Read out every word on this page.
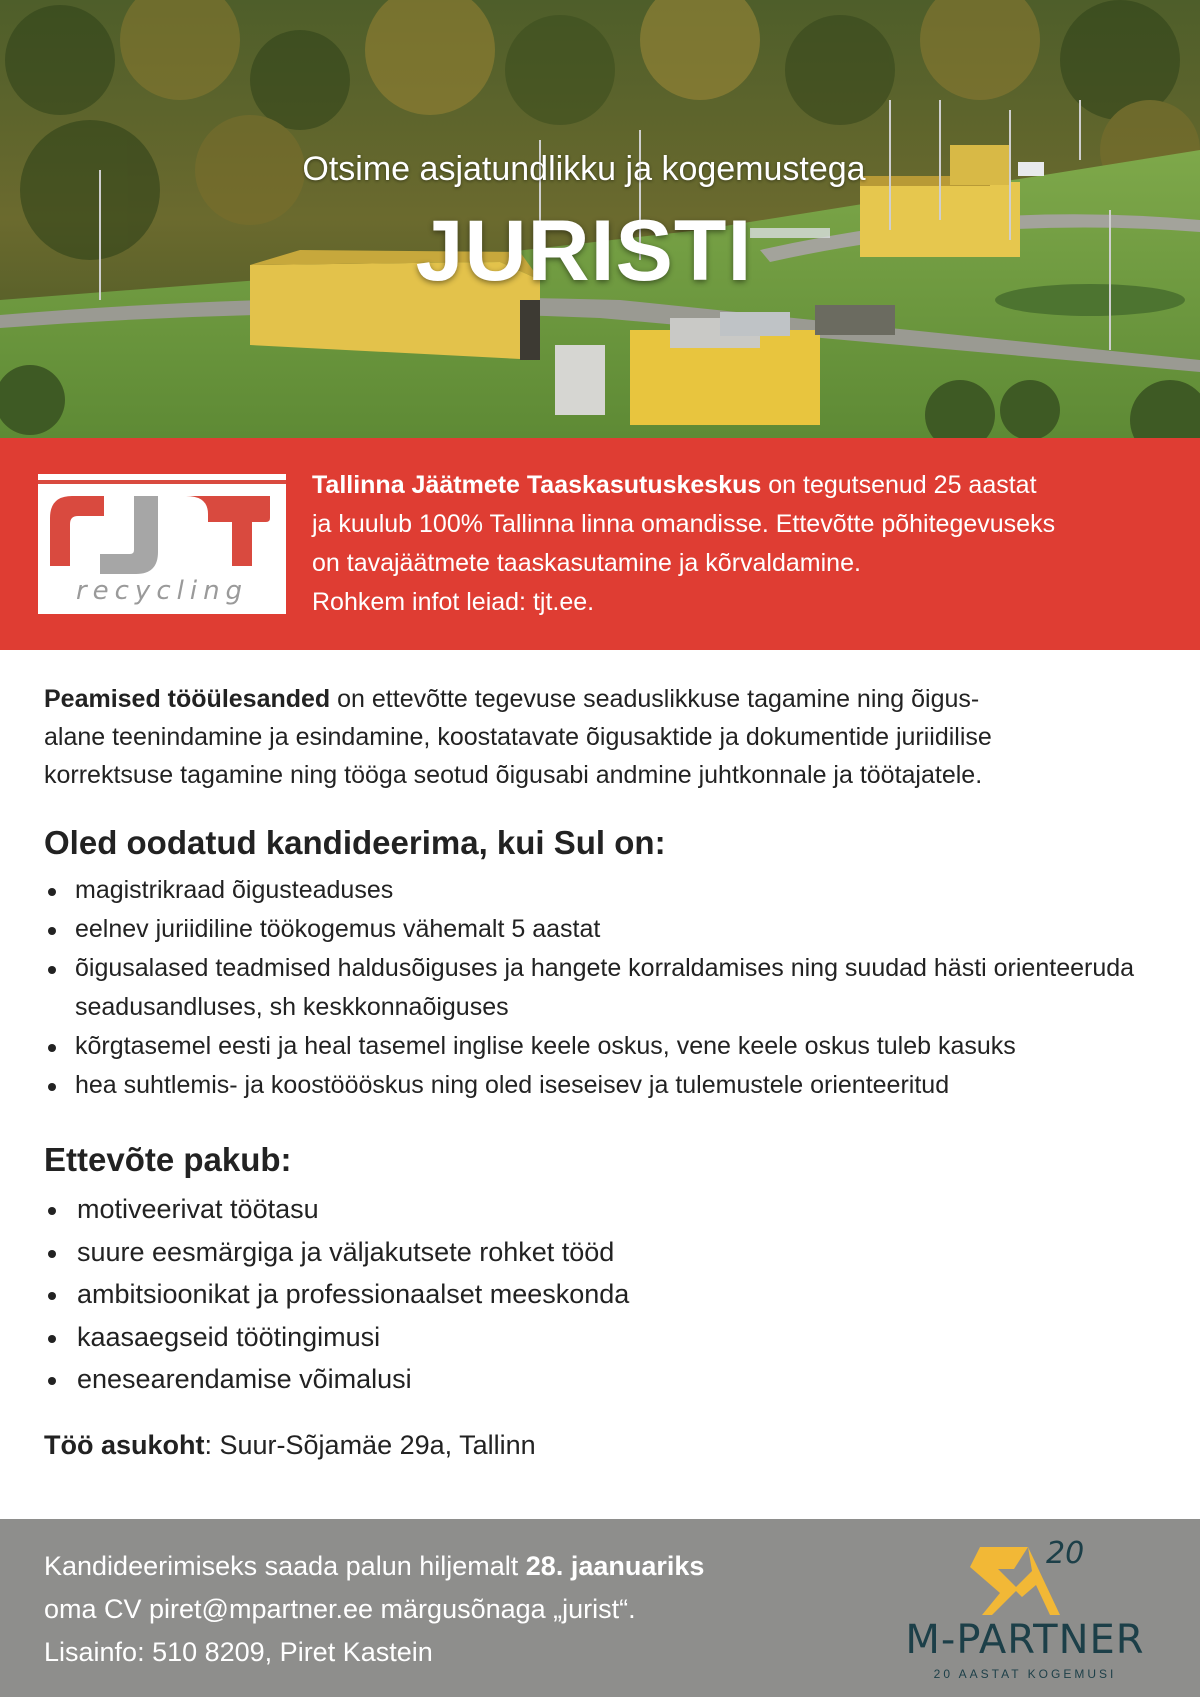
Otsime asjatundlikku ja kogemustega
JURISTI
recycling
Tallinna Jäätmete Taaskasutuskeskus on tegutsenud 25 aastat
ja kuulub 100% Tallinna linna omandisse. Ettevõtte põhitegevuseks
on tavajäätmete taaskasutamine ja kõrvaldamine.
Rohkem infot leiad: tjt.ee.
Peamised tööülesanded on ettevõtte tegevuse seaduslikkuse tagamine ning õigus-
alane teenindamine ja esindamine, koostatavate õigusaktide ja dokumentide juriidilise
korrektsuse tagamine ning tööga seotud õigusabi andmine juhtkonnale ja töötajatele.
Oled oodatud kandideerima, kui Sul on:
magistrikraad õigusteaduses
eelnev juriidiline töökogemus vähemalt 5 aastat
õigusalased teadmised haldusõiguses ja hangete korraldamises ning suudad hästi orienteeruda seadusandluses, sh keskkonnaõiguses
kõrgtasemel eesti ja heal tasemel inglise keele oskus, vene keele oskus tuleb kasuks
hea suhtlemis- ja koostöööskus ning oled iseseisev ja tulemustele orienteeritud
Ettevõte pakub:
motiveerivat töötasu
suure eesmärgiga ja väljakutsete rohket tööd
ambitsioonikat ja professionaalset meeskonda
kaasaegseid töötingimusi
enesearendamise võimalusi
Töö asukoht: Suur-Sõjamäe 29a, Tallinn
Kandideerimiseks saada palun hiljemalt 28. jaanuariks
oma CV piret@mpartner.ee märgusõnaga „jurist“.
Lisainfo: 510 8209, Piret Kastein
20
M-PARTNER
20 AASTAT KOGEMUSI
